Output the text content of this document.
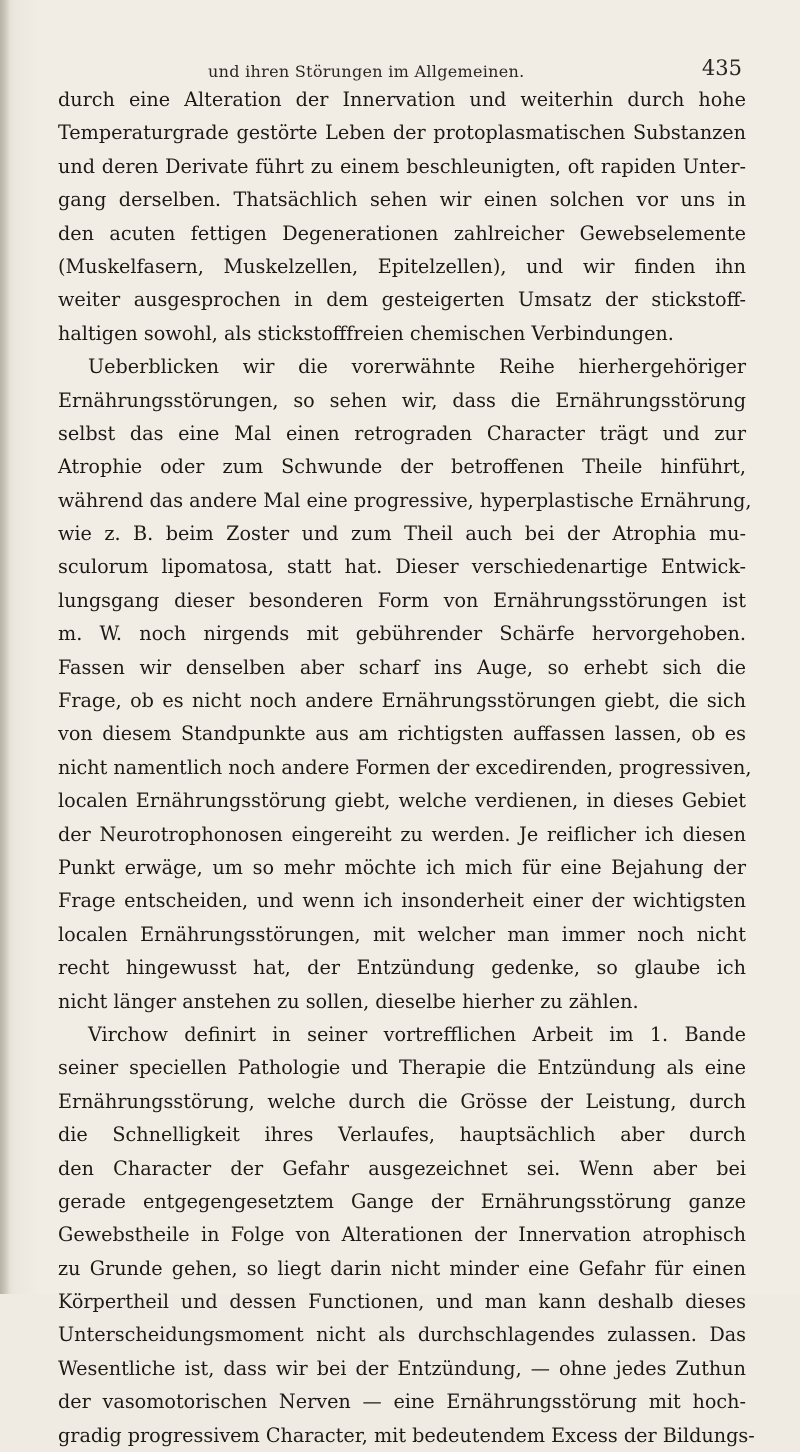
und ihren Störungen im Allgemeinen.	435
durch eine Alteration der Innervation und weiterhin durch hohe
Temperaturgrade gestörte Leben der protoplasmatischen Substanzen
und deren Derivate führt zu einem beschleunigten, oft rapiden Unter-
gang derselben. Thatsächlich sehen wir einen solchen vor uns in
den acuten fettigen Degenerationen zahlreicher Gewebselemente
(Muskelfasern, Muskelzellen, Epitelzellen), und wir finden ihn
weiter ausgesprochen in dem gesteigerten Umsatz der stickstoff-
haltigen sowohl, als stickstofffreien chemischen Verbindungen.
Ueberblicken wir die vorerwähnte Reihe hierhergehöriger
Ernährungsstörungen, so sehen wir, dass die Ernährungsstörung
selbst das eine Mal einen retrograden Character trägt und zur
Atrophie oder zum Schwunde der betroffenen Theile hinführt,
während das andere Mal eine progressive, hyperplastische Ernährung,
wie z. B. beim Zoster und zum Theil auch bei der Atrophia mu-
sculorum lipomatosa, statt hat. Dieser verschiedenartige Entwick-
lungsgang dieser besonderen Form von Ernährungsstörungen ist
m. W. noch nirgends mit gebührender Schärfe hervorgehoben.
Fassen wir denselben aber scharf ins Auge, so erhebt sich die
Frage, ob es nicht noch andere Ernährungsstörungen giebt, die sich
von diesem Standpunkte aus am richtigsten auffassen lassen, ob es
nicht namentlich noch andere Formen der excedirenden, progressiven,
localen Ernährungsstörung giebt, welche verdienen, in dieses Gebiet
der Neurotrophonosen eingereiht zu werden. Je reiflicher ich diesen
Punkt erwäge, um so mehr möchte ich mich für eine Bejahung der
Frage entscheiden, und wenn ich insonderheit einer der wichtigsten
localen Ernährungsstörungen, mit welcher man immer noch nicht
recht hingewusst hat, der Entzündung gedenke, so glaube ich
nicht länger anstehen zu sollen, dieselbe hierher zu zählen.
Virchow definirt in seiner vortrefflichen Arbeit im 1. Bande
seiner speciellen Pathologie und Therapie die Entzündung als eine
Ernährungsstörung, welche durch die Grösse der Leistung, durch
die Schnelligkeit ihres Verlaufes, hauptsächlich aber durch
den Character der Gefahr ausgezeichnet sei. Wenn aber bei
gerade entgegengesetztem Gange der Ernährungsstörung ganze
Gewebstheile in Folge von Alterationen der Innervation atrophisch
zu Grunde gehen, so liegt darin nicht minder eine Gefahr für einen
Körpertheil und dessen Functionen, und man kann deshalb dieses
Unterscheidungsmoment nicht als durchschlagendes zulassen. Das
Wesentliche ist, dass wir bei der Entzündung, — ohne jedes Zuthun
der vasomotorischen Nerven — eine Ernährungsstörung mit hoch-
gradig progressivem Character, mit bedeutendem Excess der Bildungs-
